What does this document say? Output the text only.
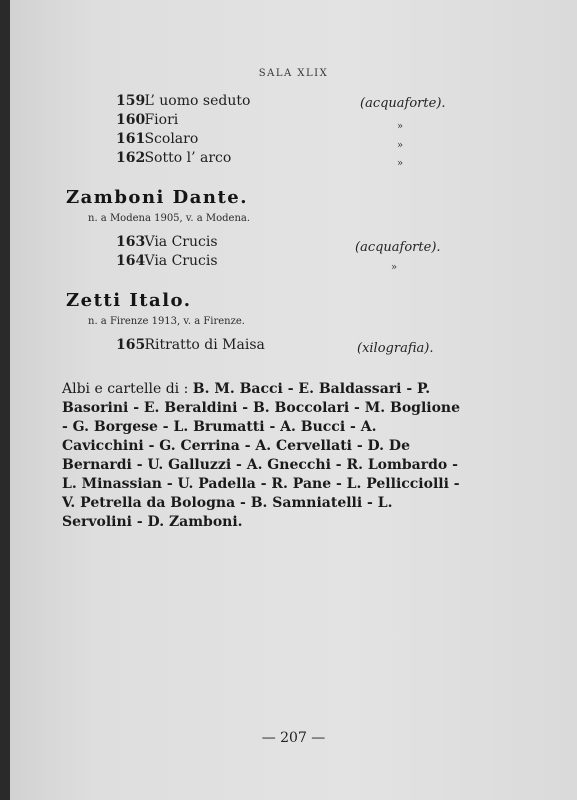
SALA XLIX
159 L’ uomo seduto	(acquaforte).
160 Fiori	»
161 Scolaro	»
162 Sotto l’ arco	»
Zamboni Dante.
n. a Modena 1905, v. a Modena.
163 Via Crucis	(acquaforte).
164 Via Crucis	»
Zetti Italo.
n. a Firenze 1913, v. a Firenze.
165 Ritratto di Maisa	(xilografia).
Albi e cartelle di : B. M. Bacci - E. Baldassari - P. Basorini - E. Beraldini - B. Boccolari - M. Boglione - G. Borgese - L. Brumatti - A. Bucci - A. Cavicchini - G. Cerrina - A. Cervellati - D. De Bernardi - U. Galluzzi - A. Gnecchi - R. Lombardo - L. Minassian - U. Padella - R. Pane - L. Pellicciolli - V. Petrella da Bologna - B. Samniatelli - L. Servolini - D. Zamboni.
— 207 —
